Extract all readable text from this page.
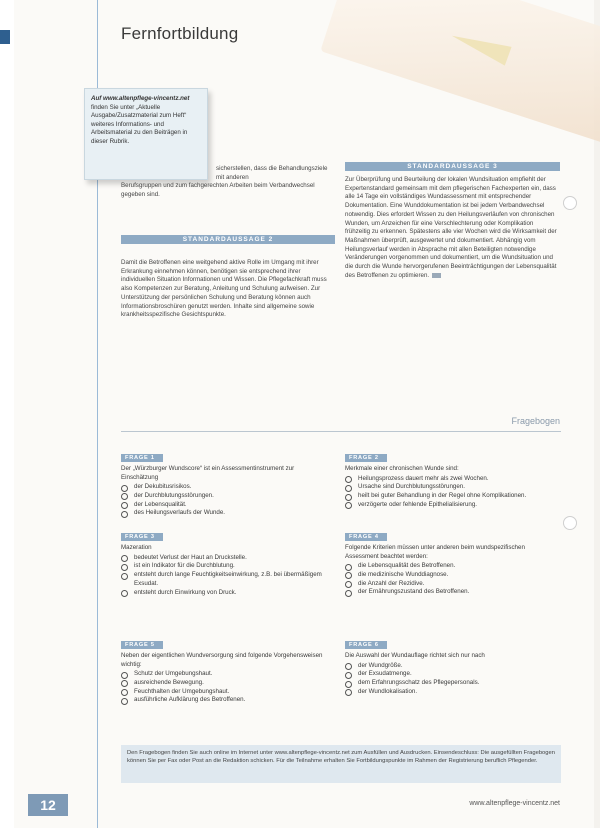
Fernfortbildung

Auf www.altenpflege-vincentz.net finden Sie unter „Aktuelle Ausgabe/Zusatzmaterial zum Heft“ weiteres Informations- und Arbeitsmaterial zu den Beiträgen in dieser Rubrik.

sicherstellen, dass die Behandlungsziele

mit anderen

Berufsgruppen und zum fachgerechten Arbeiten beim Verbandwechsel gegeben sind.

STANDARDAUSSAGE 2

Damit die Betroffenen eine weitgehend aktive Rolle im Umgang mit ihrer Erkrankung einnehmen können, benötigen sie entsprechend ihrer individuellen Situation Informationen und Wissen. Die Pflegefachkraft muss also Kompetenzen zur Beratung, Anleitung und Schulung aufweisen. Zur Unterstützung der persönlichen Schulung und Beratung können auch Informationsbroschüren genutzt werden. Inhalte sind allgemeine sowie krankheitsspezifische Gesichtspunkte.

STANDARDAUSSAGE 3

Zur Überprüfung und Beurteilung der lokalen Wundsituation empfiehlt der Expertenstandard gemeinsam mit dem pflegerischen Fachexperten ein, dass alle 14 Tage ein vollständiges Wundassessment mit entsprechender Dokumentation. Eine Wunddokumentation ist bei jedem Verbandwechsel notwendig. Dies erfordert Wissen zu den Heilungsverläufen von chronischen Wunden, um Anzeichen für eine Verschlechterung oder Komplikation frühzeitig zu erkennen. Spätestens alle vier Wochen wird die Wirksamkeit der Maßnahmen überprüft, ausgewertet und dokumentiert. Abhängig vom Heilungsverlauf werden in Absprache mit allen Beteiligten notwendige Veränderungen vorgenommen und dokumentiert, um die Wundsituation und die durch die Wunde hervorgerufenen Beeinträchtigungen der Lebensqualität des Betroffenen zu optimieren.

Fragebogen
FRAGE 1

Der „Würzburger Wundscore“ ist ein Assessmentinstrument zur Einschätzung

der Dekubitusrisikos.
der Durchblutungsstörungen.
der Lebensqualität.
des Heilungsverlaufs der Wunde.
FRAGE 2

Merkmale einer chronischen Wunde sind:

Heilungsprozess dauert mehr als zwei Wochen.
Ursache sind Durchblutungsstörungen.
heilt bei guter Behandlung in der Regel ohne Komplikationen.
verzögerte oder fehlende Epithelialisierung.
FRAGE 3

Mazeration

bedeutet Verlust der Haut an Druckstelle.
ist ein Indikator für die Durchblutung.
entsteht durch lange Feuchtigkeitseinwirkung, z.B. bei übermäßigem Exsudat.
entsteht durch Einwirkung von Druck.
FRAGE 4

Folgende Kriterien müssen unter anderen beim wundspezifischen Assessment beachtet werden:

die Lebensqualität des Betroffenen.
die medizinische Wunddiagnose.
die Anzahl der Rezidive.
der Ernährungszustand des Betroffenen.
FRAGE 5

Neben der eigentlichen Wundversorgung sind folgende Vorgehensweisen wichtig:

Schutz der Umgebungshaut.
ausreichende Bewegung.
Feuchthalten der Umgebungshaut.
ausführliche Aufklärung des Betroffenen.
FRAGE 6

Die Auswahl der Wundauflage richtet sich nur nach

der Wundgröße.
der Exsudatmenge.
dem Erfahrungsschatz des Pflegepersonals.
der Wundlokalisation.
Den Fragebogen finden Sie auch online im Internet unter www.altenpflege-vincentz.net zum Ausfüllen und Ausdrucken. Einsendeschluss: Die ausgefüllten Fragebogen können Sie per Fax oder Post an die Redaktion schicken. Für die Teilnahme erhalten Sie Fortbildungspunkte im Rahmen der Registrierung beruflich Pflegender.
12	www.altenpflege-vincentz.net
